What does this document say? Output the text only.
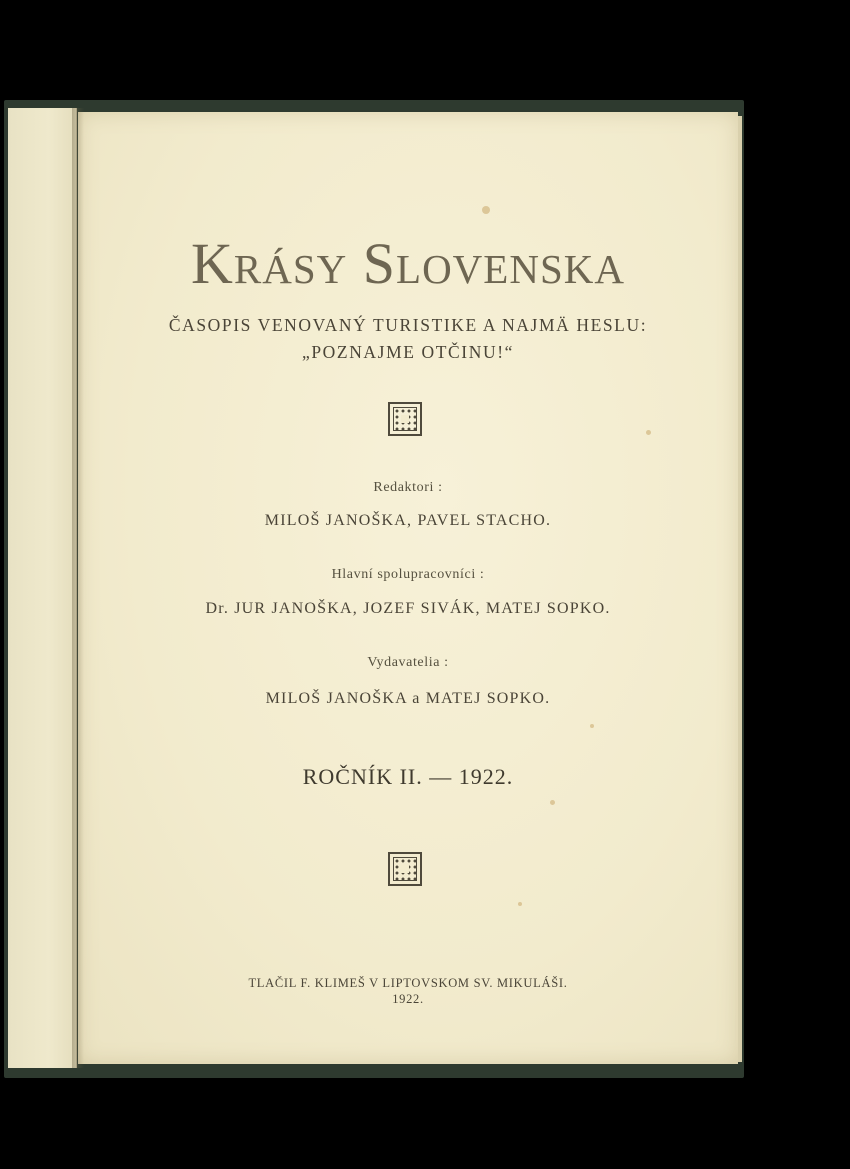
Krásy Slovenska
ČASOPIS VENOVANÝ TURISTIKE A NAJMÄ HESLU:
„POZNAJME OTČINU!“
Redaktori :
MILOŠ JANOŠKA, PAVEL STACHO.
Hlavní spolupracovníci :
Dr. JUR JANOŠKA, JOZEF SIVÁK, MATEJ SOPKO.
Vydavatelia :
MILOŠ JANOŠKA a MATEJ SOPKO.
ROČNÍK II. — 1922.
TLAČIL F. KLIMEŠ V LIPTOVSKOM SV. MIKULÁŠI.
1922.
